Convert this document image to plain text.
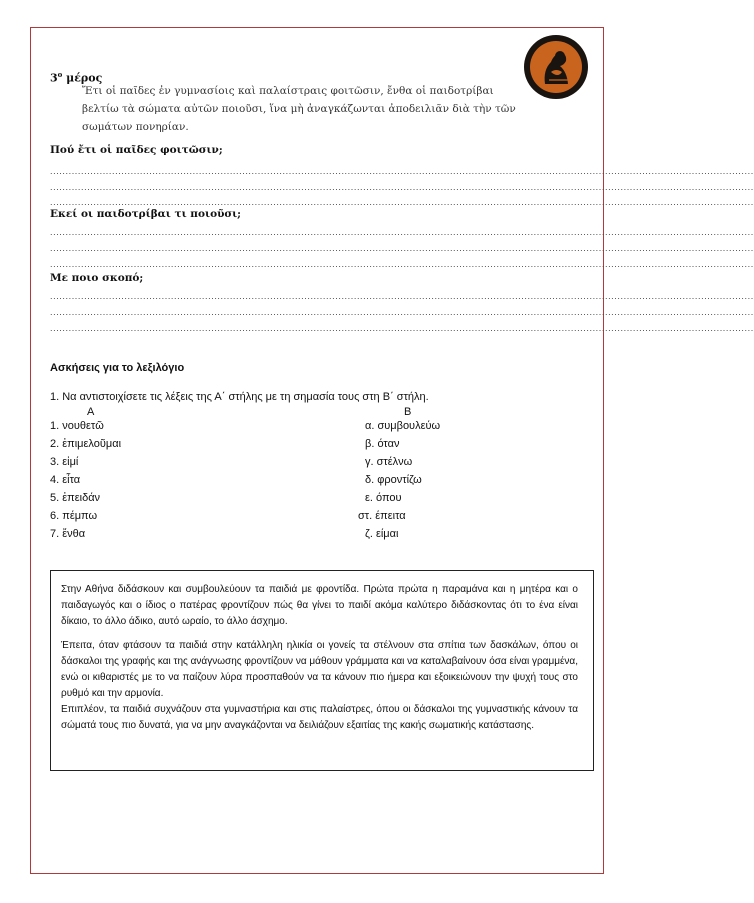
$3^o$ μέρος

Ἔτι οἱ παῖδες ἐν γυμνασίοις καὶ παλαίστραις φοιτῶσιν, ἔνθα οἱ παιδοτρίβαι βελτίω τὰ σώματα αὐτῶν ποιοῦσι, ἵνα μὴ ἀναγκάζωνται ἀποδειλιᾶν διὰ τὴν τῶν σωμάτων πονηρίαν.

Πού ἔτι οἱ παῖδες φοιτῶσιν;

...................................................................................................................................................................................................................................
...................................................................................................................................................................................................................................
...................................................................................................................................................................................................................................

Εκεί οι παιδοτρίβαι τι ποιοῦσι;

...................................................................................................................................................................................................................................
...................................................................................................................................................................................................................................
...................................................................................................................................................................................................................................

Με ποιο σκοπό;

...................................................................................................................................................................................................................................
...................................................................................................................................................................................................................................
...................................................................................................................................................................................................................................

Ασκήσεις για το λεξιλόγιο

1. Να αντιστοιχίσετε τις λέξεις της Α΄ στήλης με τη σημασία τους στη Β΄ στήλη.

Α	Β

1. νουθετῶ

2. ἐπιμελοῦμαι

3. εἰμί

4. εἶτα

5. ἐπειδάν

6. πέμπω

7. ἔνθα

α. συμβουλεύω

β. όταν

γ. στέλνω

δ. φροντίζω

ε. όπου

στ. έπειτα

ζ. είμαι

Στην Αθήνα διδάσκουν και συμβουλεύουν τα παιδιά με φροντίδα. Πρώτα πρώτα η παραμάνα και η μητέρα και ο παιδαγωγός και ο ίδιος ο πατέρας φροντίζουν πώς θα γίνει το παιδί ακόμα καλύτερο διδάσκοντας ότι το ένα είναι δίκαιο, το άλλο άδικο, αυτό ωραίο, το άλλο άσχημο.

Έπειτα, όταν φτάσουν τα παιδιά στην κατάλληλη ηλικία οι γονείς τα στέλνουν στα σπίτια των δασκάλων, όπου οι δάσκαλοι της γραφής και της ανάγνωσης φροντίζουν να μάθουν γράμματα και να καταλαβαίνουν όσα είναι γραμμένα, ενώ οι κιθαριστές με το να παίζουν λύρα προσπαθούν να τα κάνουν πιο ήμερα και εξοικειώνουν την ψυχή τους στο ρυθμό και την αρμονία.

Επιπλέον, τα παιδιά συχνάζουν στα γυμναστήρια και στις παλαίστρες, όπου οι δάσκαλοι της γυμναστικής κάνουν τα σώματά τους πιο δυνατά, για να μην αναγκάζονται να δειλιάζουν εξαιτίας της κακής σωματικής κατάστασης.
